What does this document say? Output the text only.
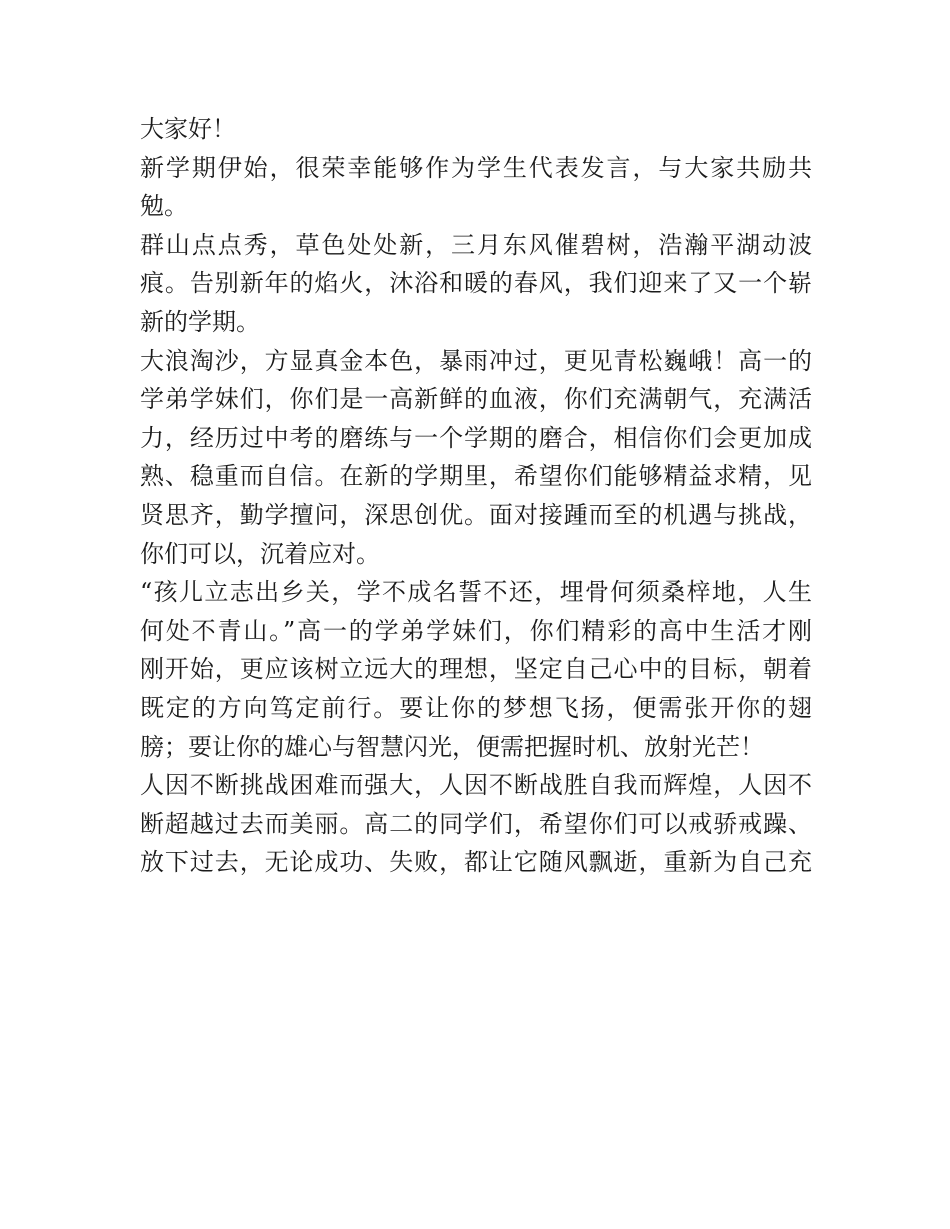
大家好！
新学期伊始，很荣幸能够作为学生代表发言，与大家共励共
勉。
群山点点秀，草色处处新，三月东风催碧树，浩瀚平湖动波
痕。告别新年的焰火，沐浴和暖的春风，我们迎来了又一个崭
新的学期。
大浪淘沙，方显真金本色，暴雨冲过，更见青松巍峨！高一的
学弟学妹们，你们是一高新鲜的血液，你们充满朝气，充满活
力，经历过中考的磨练与一个学期的磨合，相信你们会更加成
熟、稳重而自信。在新的学期里，希望你们能够精益求精，见
贤思齐，勤学擅问，深思创优。面对接踵而至的机遇与挑战，
你们可以，沉着应对。
“孩儿立志出乡关，学不成名誓不还，埋骨何须桑梓地，人生
何处不青山。”高一的学弟学妹们，你们精彩的高中生活才刚
刚开始，更应该树立远大的理想，坚定自己心中的目标，朝着
既定的方向笃定前行。要让你的梦想飞扬，便需张开你的翅
膀；要让你的雄心与智慧闪光，便需把握时机、放射光芒！
人因不断挑战困难而强大，人因不断战胜自我而辉煌，人因不
断超越过去而美丽。高二的同学们，希望你们可以戒骄戒躁、
放下过去，无论成功、失败，都让它随风飘逝，重新为自己充
